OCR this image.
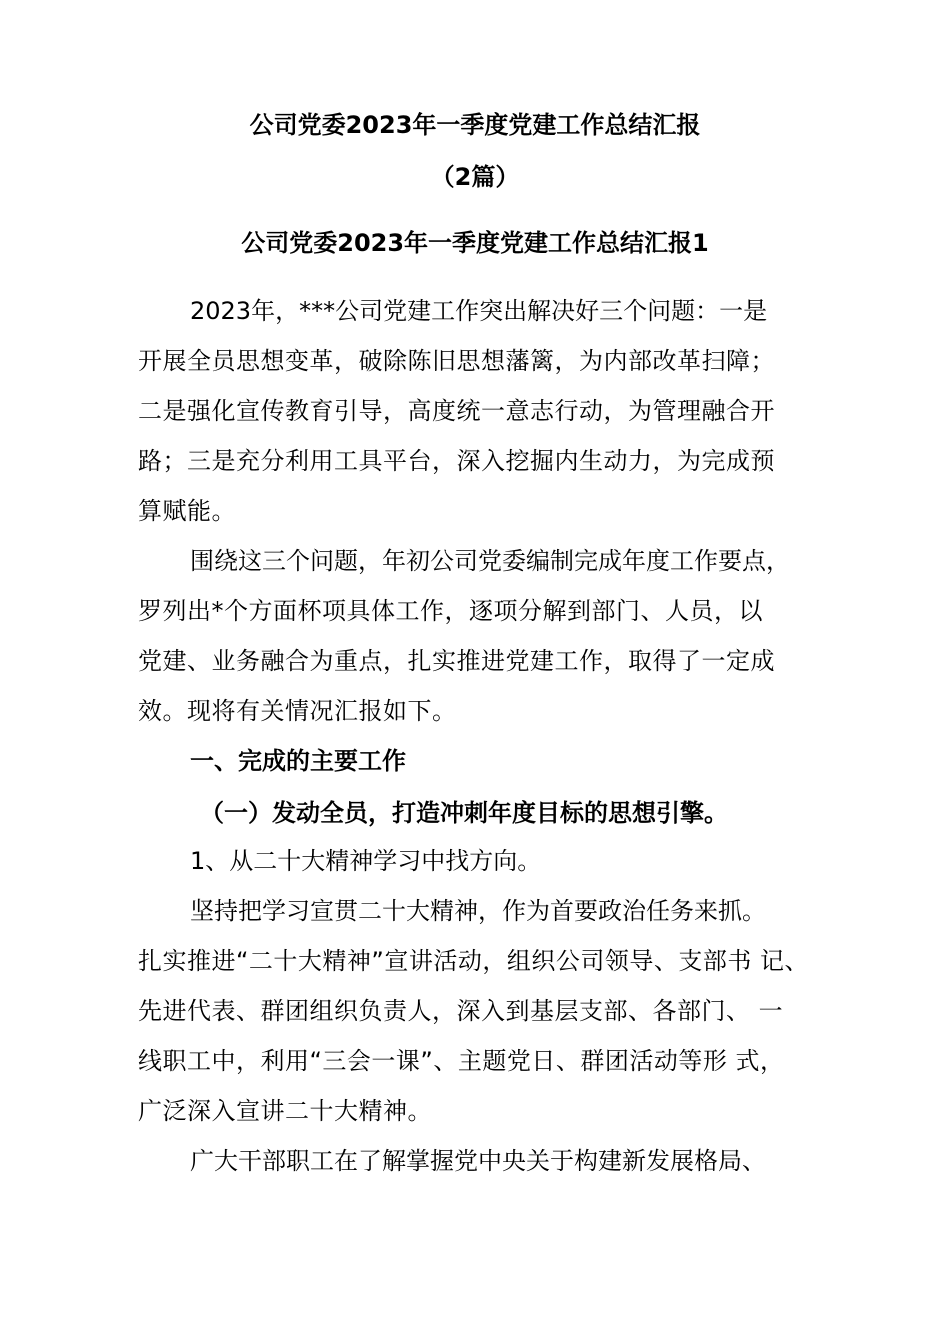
公司党委2023年一季度党建工作总结汇报
（2篇）
公司党委2023年一季度党建工作总结汇报1

2023年，***公司党建工作突出解决好三个问题：一是

开展全员思想变革，破除陈旧思想藩篱，为内部改革扫障；

二是强化宣传教育引导，高度统一意志行动，为管理融合开

路；三是充分利用工具平台，深入挖掘内生动力，为完成预

算赋能。

围绕这三个问题，年初公司党委编制完成年度工作要点，

罗列出*个方面杯项具体工作，逐项分解到部门、人员，以

党建、业务融合为重点，扎实推进党建工作，取得了一定成

效。现将有关情况汇报如下。

一、完成的主要工作
（一）发动全员，打造冲刺年度目标的思想引擎。

1、从二十大精神学习中找方向。

坚持把学习宣贯二十大精神，作为首要政治任务来抓。

扎实推进“二十大精神”宣讲活动，组织公司领导、支部书 记、

先进代表、群团组织负责人，深入到基层支部、各部门、 一

线职工中，利用“三会一课”、主题党日、群团活动等形 式，

广泛深入宣讲二十大精神。

广大干部职工在了解掌握党中央关于构建新发展格局、
